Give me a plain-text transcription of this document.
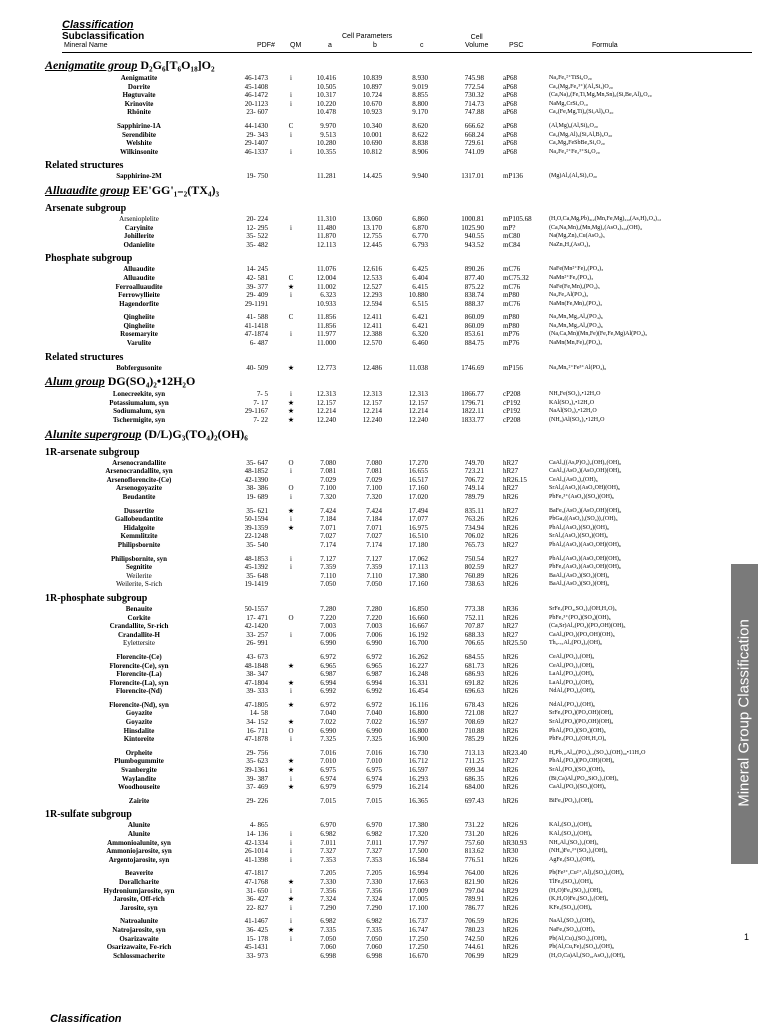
Classification
Subclassification
Mineral Name
Cell Parameters	Cell
Volume
PDF# QM	a	b	c	PSC	Formula
Aenigmatite group D₂G₆[T₆O₁₈]O₂
Aenigmatite	46-1473	i	10.416	10.839	8.930	745.98	aP68	Na₂Fe₅²⁺TiSi₆O₂₀
Dorrite	45-1408	10.505	10.897	9.019	772.54	aP68	Ca₂(Mg₂Fe₄³⁺)(Al₄Si₂)O₂₀
Høgtuvaite	46-1472	i	10.317	10.724	8.855	730.32	aP68	(Ca,Na)₂(Fe,Ti,Mg,Mn,Sn)₆(Si,Be,Al)₆O₂₀
Krinovite	20-1123	i	10.220	10.670	8.800	714.73	aP68	NaMg₂CrSi₃O₁₀
Rhönite	23- 607	10.478	10.923	9.170	747.88	aP68	Ca₂(Fe,Mg,Ti)₆(Si,Al)₆O₂₀
Sapphirine-1A	44-1430	C	9.970	10.340	8.620	666.62	aP68	(Al,Mg)₈(Al,Si)₆O₂₀
Serendibite	29- 343	i	9.513	10.001	8.622	668.24	aP68	Ca₂(Mg,Al)₆(Si,Al,B)₆O₂₀
Welshite	29-1407	10.280	10.690	8.838	729.61	aP68	Ca₂Mg₄FeSbBe₂Si₄O₂₀
Wilkinsonite	46-1337	i	10.355	10.812	8.906	741.09	aP68	Na₂Fe₄²⁺Fe₂³⁺Si₆O₂₀
Related structures
Sapphirine-2M	19- 750	11.281	14.425	9.940	1317.01	mP136	(Mg)Al₂(Al₂Si)₂O₂₀
Alluaudite group EE'GG'₁₋₂(TX₄)₃
Arsenate subgroup
Arsenioplelite	20- 224	11.310	13.060	6.860	1000.81	mP105.68	(H,O,Ca,Mg,Pb)₄,₂(Mn,Fe,Mg)₂,₂(As,H)₄O₄)₁₂
Caryinite	12- 295	i	11.480	13.170	6.870	1025.90	mP?	(Ca,Na,Mn)₂(Mn,Mg)₂(AsO₄)₃,₄(OH)₄
Johillerite	35- 522	11.870	12.755	6.770	940.55	mC80	Na(Mg,Zn)₃Cu(AsO₄)₃
Odanielite	35- 482	12.113	12.445	6.793	943.52	mC84	NaZn₃H₂(AsO₄)₃
Phosphate subgroup
Alluaudite	14- 245	11.076	12.616	6.425	890.26	mC76	NaFe(Mn²⁺Fe)₂(PO₄)₃
Alluaudite	42- 581	C	12.004	12.533	6.404	877.40	mC75.32	NaMn²⁺Fe₂(PO₄)₃
Ferroalluaudite	39- 377	★	11.002	12.527	6.415	875.22	mC76	NaFe(Fe,Mn)₂(PO₄)₃
Ferrowyllieite	29- 409	i	6.323	12.293	10.880	838.74	mP80	Na₂Fe₂Al(PO₄)₃
Hagendorfite	29-1191	10.933	12.594	6.515	888.37	mC76	NaMn(Fe,Mn)₂(PO₄)₃
Qingheiite	41- 588	C	11.856	12.411	6.421	860.09	mP80	Na₂Mn₂Mg₂Al₂(PO₄)₆
Qingheiite	41-1418	11.856	12.411	6.421	860.09	mP80	Na₂Mn₂Mg₂Al₂(PO₄)₆
Rosemaryite	47-1874	i	11.977	12.388	6.320	853.61	mP76	(Na,Ca,Mn)(Mn,Fe)(Fe,Fe,Mg)Al(PO₄)₃
Varulite	6- 487	11.000	12.570	6.460	884.75	mP76	NaMn(Mn,Fe)₂(PO₄)₃
Related structures
Bobfergusonite	40- 509	★	12.773	12.486	11.038	1746.69	mP156	Na₂Mn₅²⁺Fe³⁺Al(PO₄)₆
Alum group DG(SO₄)₂•12H₂O
Lonecreekite, syn	7- 5	i	12.313	12.313	12.313	1866.77	cP208	NH₄Fe(SO₄)₂•12H₂O
Potassiumalum, syn	7- 17	★	12.157	12.157	12.157	1796.71	cP192	KAl(SO₄)₂•12H₂O
Sodiumalum, syn	29-1167	★	12.214	12.214	12.214	1822.11	cP192	NaAl(SO₄)₂•12H₂O
Tschermigite, syn	7- 22	★	12.240	12.240	12.240	1833.77	cP208	(NH₄)Al(SO₄)₂•12H₂O
Alunite supergroup (D/L)G₃(TO₄)₂(OH)₆
1R-arsenate subgroup
Arsenocrandallite	35- 647	O	7.080	7.080	17.270	749.70	hR27	CaAl₃((As,P)O₄)₂(OH)₅(OH)₆
Arsenocrandallite, syn	48-1852	i	7.081	7.081	16.655	723.21	hR27	CaAl₃(AsO₄)(AsO₃OH)(OH)₆
Arsenoflorencite-(Ce)	42-1390	7.029	7.029	16.517	706.72	hR26.15	CeAl₃(AsO₄)₂(OH)₆
Arsenogoyazite	38- 386	O	7.100	7.100	17.160	749.14	hR27	SrAl₃(AsO₄)(AsO₃OH)(OH)₆
Beudantite	19- 689	i	7.320	7.320	17.020	789.79	hR26	PbFe₃³⁺(AsO₄)(SO₄)(OH)₆
Dussertite	35- 621	★	7.424	7.424	17.494	835.11	hR27	BaFe₃(AsO₄)(AsO₃OH)(OH)₆
Gallobeudantite	50-1594	i	7.184	7.184	17.077	763.26	hR26	PbGa₃((AsO₄),(SO₄))₂(OH)₆
Hidalgoite	39-1359	★	7.071	7.071	16.975	734.94	hR26	PbAl₃(AsO₄)(SO₄)(OH)₆
Kemmlitzite	22-1248	7.027	7.027	16.510	706.02	hR26	SrAl₃(AsO₄)(SO₄)(OH)₆
Philipsbornite	35- 540	7.174	7.174	17.180	765.73	hR27	PbAl₃(AsO₄)(AsO₃OH)(OH)₆
Philipsbornite, syn	48-1853	i	7.127	7.127	17.062	750.54	hR27	PbAl₃(AsO₄)(AsO₃OH)(OH)₆
Segnitite	45-1392	i	7.359	7.359	17.113	802.59	hR27	PbFe₃(AsO₄)(AsO₃OH)(OH)₆
Weilerite	35- 648	7.110	7.110	17.380	760.89	hR26	BaAl₃(AsO₄)(SO₄)(OH)₆
Weilerite, S-rich	19-1419	7.050	7.050	17.160	738.63	hR26	BaAl₃(AsO₄)(SO₄)(OH)₆
1R-phosphate subgroup
Benauite	50-1557	7.280	7.280	16.850	773.38	hR36	SrFe₃(PO₄,SO₄)₂(OH,H₂O)₆
Corkite	17- 471	O	7.220	7.220	16.660	752.11	hR26	PbFe₃³⁺(PO₄)(SO₄)(OH)₆
Crandallite, Sr-rich	42-1420	7.003	7.003	16.667	707.87	hR27	(Ca,Sr)Al₃(PO₄)(PO₃OH)(OH)₆
Crandallite-H	33- 257	i	7.006	7.006	16.192	688.33	hR27	CaAl₃(PO₄)(PO₃OH)(OH)₆
Eylettersite	26- 991	6.990	6.990	16.700	706.65	hR25.50	Th₀.₇₅Al₃(PO₄)₂(OH)₆
Florencite-(Ce)	43- 673	6.972	6.972	16.262	684.55	hR26	CeAl₃(PO₄)₂(OH)₆
Florencite-(Ce), syn	48-1848	★	6.965	6.965	16.227	681.73	hR26	CeAl₃(PO₄)₂(OH)₆
Florencite-(La)	38- 347	6.987	6.987	16.248	686.93	hR26	LaAl₃(PO₄)₂(OH)₆
Florencite-(La), syn	47-1804	★	6.994	6.994	16.331	691.82	hR26	LaAl₃(PO₄)₂(OH)₆
Florencite-(Nd)	39- 333	i	6.992	6.992	16.454	696.63	hR26	NdAl₃(PO₄)₂(OH)₆
Florencite-(Nd), syn	47-1805	★	6.972	6.972	16.116	678.43	hR26	NdAl₃(PO₄)₂(OH)₆
Goyazite	14- 58	7.040	7.040	16.800	721.08	hR27	SrFe₃(PO₄)(PO₃OH)(OH)₆
Goyazite	34- 152	★	7.022	7.022	16.597	708.69	hR27	SrAl₃(PO₄)(PO₃OH)(OH)₆
Hinsdalite	16- 711	O	6.990	6.990	16.800	710.88	hR26	PbAl₃(PO₄)(SO₄)(OH)₆
Kintoreite	47-1878	i	7.325	7.325	16.900	785.29	hR26	PbFe₃(PO₄)₂(OH,H₂O)₆
Orpheite	29- 756	7.016	7.016	16.730	713.13	hR23.40	H₆Pb₁₀Al₂₀(PO₄)₁₂(SO₄)₅(OH)₄₀•11H₂O
Plumbogummite	35- 623	★	7.010	7.010	16.712	711.25	hR27	PbAl₃(PO₄)(PO₃OH)(OH)₆
Svanbergite	39-1361	★	6.975	6.975	16.597	699.34	hR26	SrAl₃(PO₄)(SO₄)(OH)₆
Waylandite	39- 387	i	6.974	6.974	16.293	686.35	hR26	(Bi,Ca)Al₃(PO₄,SiO₄)₂(OH)₆
Woodhouseite	37- 469	★	6.979	6.979	16.214	684.00	hR26	CaAl₃(PO₄)(SO₄)(OH)₆
Zairite	29- 226	7.015	7.015	16.365	697.43	hR26	BiFe₃(PO₄)₂(OH)₆
1R-sulfate subgroup
Alunite	4- 865	6.970	6.970	17.380	731.22	hR26	KAl₃(SO₄)₂(OH)₆
Alunite	14- 136	i	6.982	6.982	17.320	731.20	hR26	KAl₃(SO₄)₂(OH)₆
Ammonioalunite, syn	42-1334	i	7.011	7.011	17.797	757.60	hR30.93	NH₄Al₃(SO₄)₂(OH)₆
Ammoniojarosite, syn	26-1014	i	7.327	7.327	17.500	813.62	hR30	(NH₄)Fe₃³⁺(SO₄)₂(OH)₆
Argentojarosite, syn	41-1398	i	7.353	7.353	16.584	776.51	hR26	AgFe₃(SO₄)₂(OH)₆
Beaverite	47-1817	7.205	7.205	16.994	764.00	hR26	Pb(Fe³⁺,Cu²⁺,Al)₃(SO₄)₂(OH)₆
Dorallcharite	47-1768	★	7.330	7.330	17.663	821.90	hR26	TlFe₃(SO₄)₂(OH)₆
Hydroniumjarosite, syn	31- 650	i	7.356	7.356	17.009	797.04	hR29	(H₃O)Fe₃(SO₄)₂(OH)₆
Jarosite, Off-rich	36- 427	★	7.324	7.324	17.005	789.91	hR26	(K,H₃O)Fe₃(SO₄)₂(OH)₆
Jarosite, syn	22- 827	i	7.290	7.290	17.100	786.77	hR26	KFe₃(SO₄)₂(OH)₆
Natroalunite	41-1467	i	6.982	6.982	16.737	706.59	hR26	NaAl₃(SO₄)₂(OH)₆
Natrojarosite, syn	36- 425	★	7.335	7.335	16.747	780.23	hR26	NaFe₃(SO₄)₂(OH)₆
Osarizawaite	15- 178	i	7.050	7.050	17.250	742.50	hR26	Pb(Al,Cu)₃(SO₄)₂(OH)₆
Osarizawaite, Fe-rich	45-1431	7.060	7.060	17.250	744.61	hR26	Pb(Al,Cu,Fe)₃(SO₄)₂(OH)₆
Schlossmacherite	33- 973	6.998	6.998	16.670	706.99	hR29	(H₃O,Ca)Al₃(SO₄,AsO₄)₂(OH)₆
Mineral Group Classification
1
Classification
